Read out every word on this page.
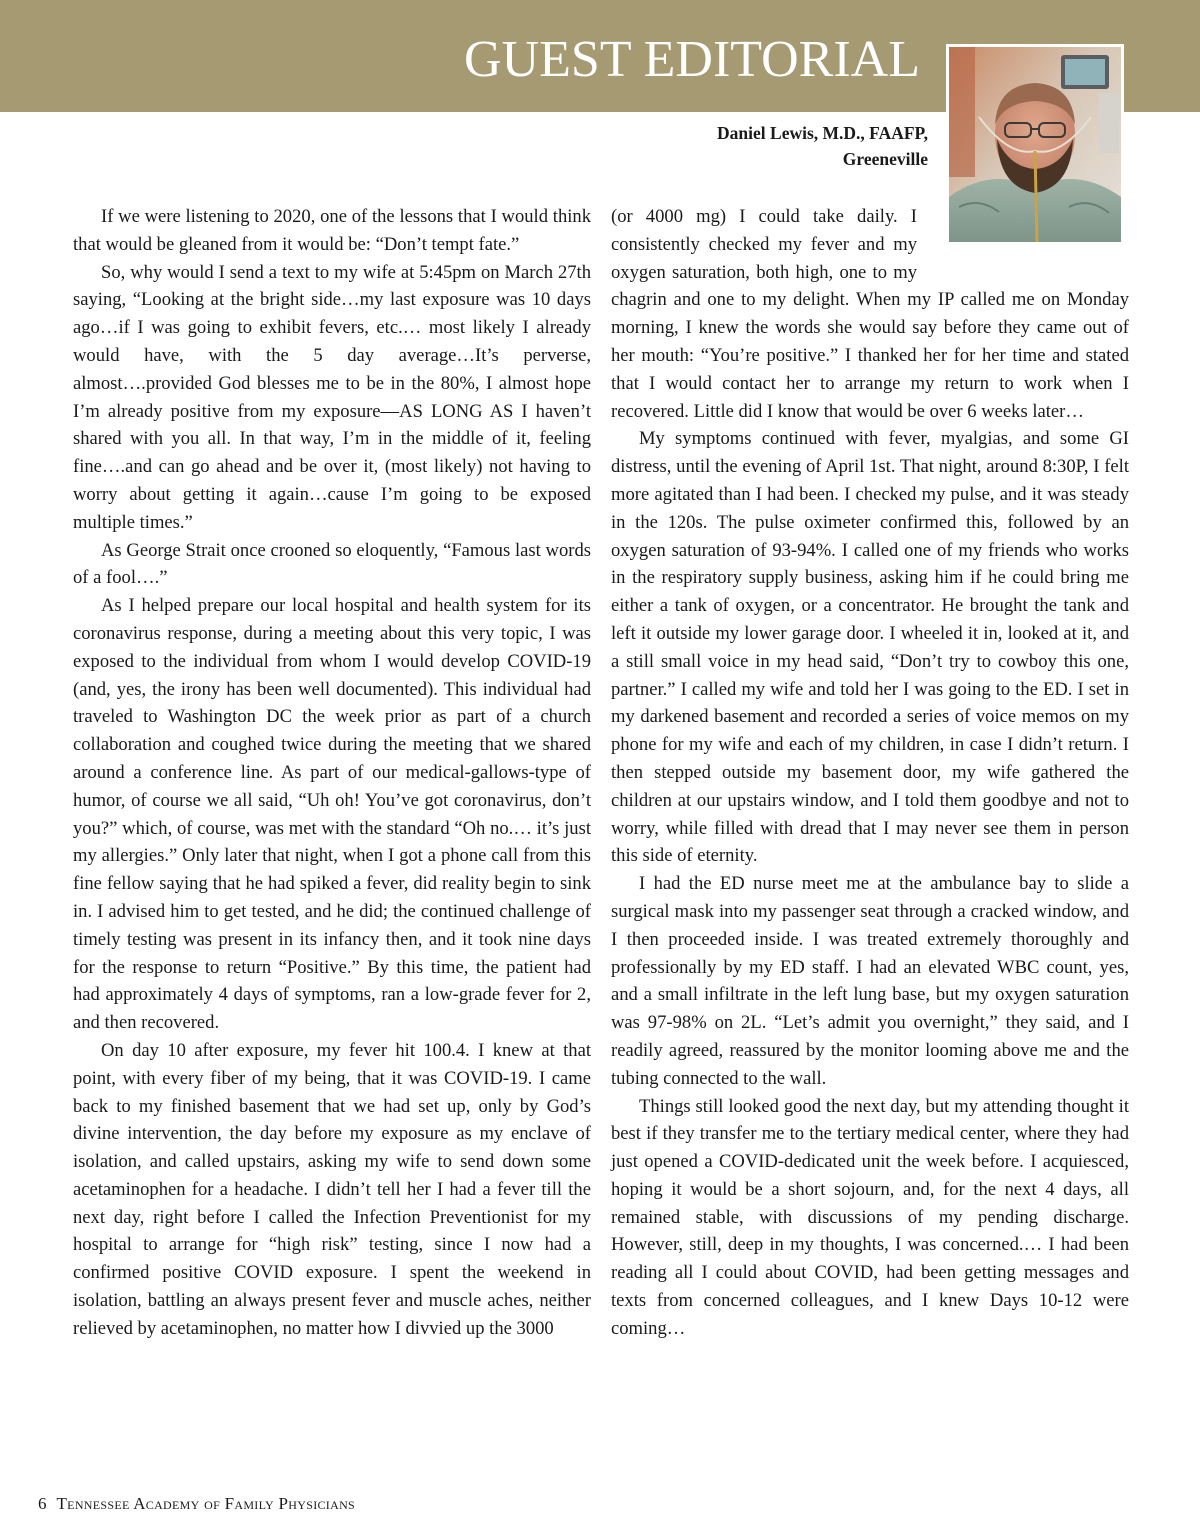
GUEST EDITORIAL
Daniel Lewis, M.D., FAAFP,
Greeneville

If we were listening to 2020, one of the lessons that I would think that would be gleaned from it would be: “Don’t tempt fate.”

So, why would I send a text to my wife at 5:45pm on March 27th saying, “Looking at the bright side…my last exposure was 10 days ago…if I was going to exhibit fevers, etc.… most likely I already would have, with the 5 day average…It’s perverse, almost….provided God blesses me to be in the 80%, I almost hope I’m already positive from my exposure—AS LONG AS I haven’t shared with you all. In that way, I’m in the middle of it, feeling fine….and can go ahead and be over it, (most likely) not having to worry about getting it again…cause I’m going to be exposed multiple times.”

As George Strait once crooned so eloquently, “Famous last words of a fool….”

As I helped prepare our local hospital and health system for its coronavirus response, during a meeting about this very topic, I was exposed to the individual from whom I would develop COVID-19 (and, yes, the irony has been well documented). This individual had traveled to Washington DC the week prior as part of a church collaboration and coughed twice during the meeting that we shared around a conference line. As part of our medical-gallows-type of humor, of course we all said, “Uh oh! You’ve got coronavirus, don’t you?” which, of course, was met with the standard “Oh no.… it’s just my allergies.” Only later that night, when I got a phone call from this fine fellow saying that he had spiked a fever, did reality begin to sink in. I advised him to get tested, and he did; the continued challenge of timely testing was present in its infancy then, and it took nine days for the response to return “Positive.” By this time, the patient had had approximately 4 days of symptoms, ran a low-grade fever for 2, and then recovered.

On day 10 after exposure, my fever hit 100.4. I knew at that point, with every fiber of my being, that it was COVID-19. I came back to my finished basement that we had set up, only by God’s divine intervention, the day before my exposure as my enclave of isolation, and called upstairs, asking my wife to send down some acetaminophen for a headache. I didn’t tell her I had a fever till the next day, right before I called the Infection Preventionist for my hospital to arrange for “high risk” testing, since I now had a confirmed positive COVID exposure. I spent the weekend in isolation, battling an always present fever and muscle aches, neither relieved by acetaminophen, no matter how I divvied up the 3000

(or 4000 mg) I could take daily. I consistently checked my fever and my oxygen saturation, both high, one to my chagrin and one to my delight. When my IP called me on Monday morning, I knew the words she would say before they came out of her mouth: “You’re positive.” I thanked her for her time and stated that I would contact her to arrange my return to work when I recovered. Little did I know that would be over 6 weeks later…

My symptoms continued with fever, myalgias, and some GI distress, until the evening of April 1st. That night, around 8:30P, I felt more agitated than I had been. I checked my pulse, and it was steady in the 120s. The pulse oximeter confirmed this, followed by an oxygen saturation of 93-94%. I called one of my friends who works in the respiratory supply business, asking him if he could bring me either a tank of oxygen, or a concentrator. He brought the tank and left it outside my lower garage door. I wheeled it in, looked at it, and a still small voice in my head said, “Don’t try to cowboy this one, partner.” I called my wife and told her I was going to the ED. I set in my darkened basement and recorded a series of voice memos on my phone for my wife and each of my children, in case I didn’t return. I then stepped outside my basement door, my wife gathered the children at our upstairs window, and I told them goodbye and not to worry, while filled with dread that I may never see them in person this side of eternity.

I had the ED nurse meet me at the ambulance bay to slide a surgical mask into my passenger seat through a cracked window, and I then proceeded inside. I was treated extremely thoroughly and professionally by my ED staff. I had an elevated WBC count, yes, and a small infiltrate in the left lung base, but my oxygen saturation was 97-98% on 2L. “Let’s admit you overnight,” they said, and I readily agreed, reassured by the monitor looming above me and the tubing connected to the wall.

Things still looked good the next day, but my attending thought it best if they transfer me to the tertiary medical center, where they had just opened a COVID-dedicated unit the week before. I acquiesced, hoping it would be a short sojourn, and, for the next 4 days, all remained stable, with discussions of my pending discharge. However, still, deep in my thoughts, I was concerned.… I had been reading all I could about COVID, had been getting messages and texts from concerned colleagues, and I knew Days 10-12 were coming…

6 Tennessee Academy of Family Physicians
